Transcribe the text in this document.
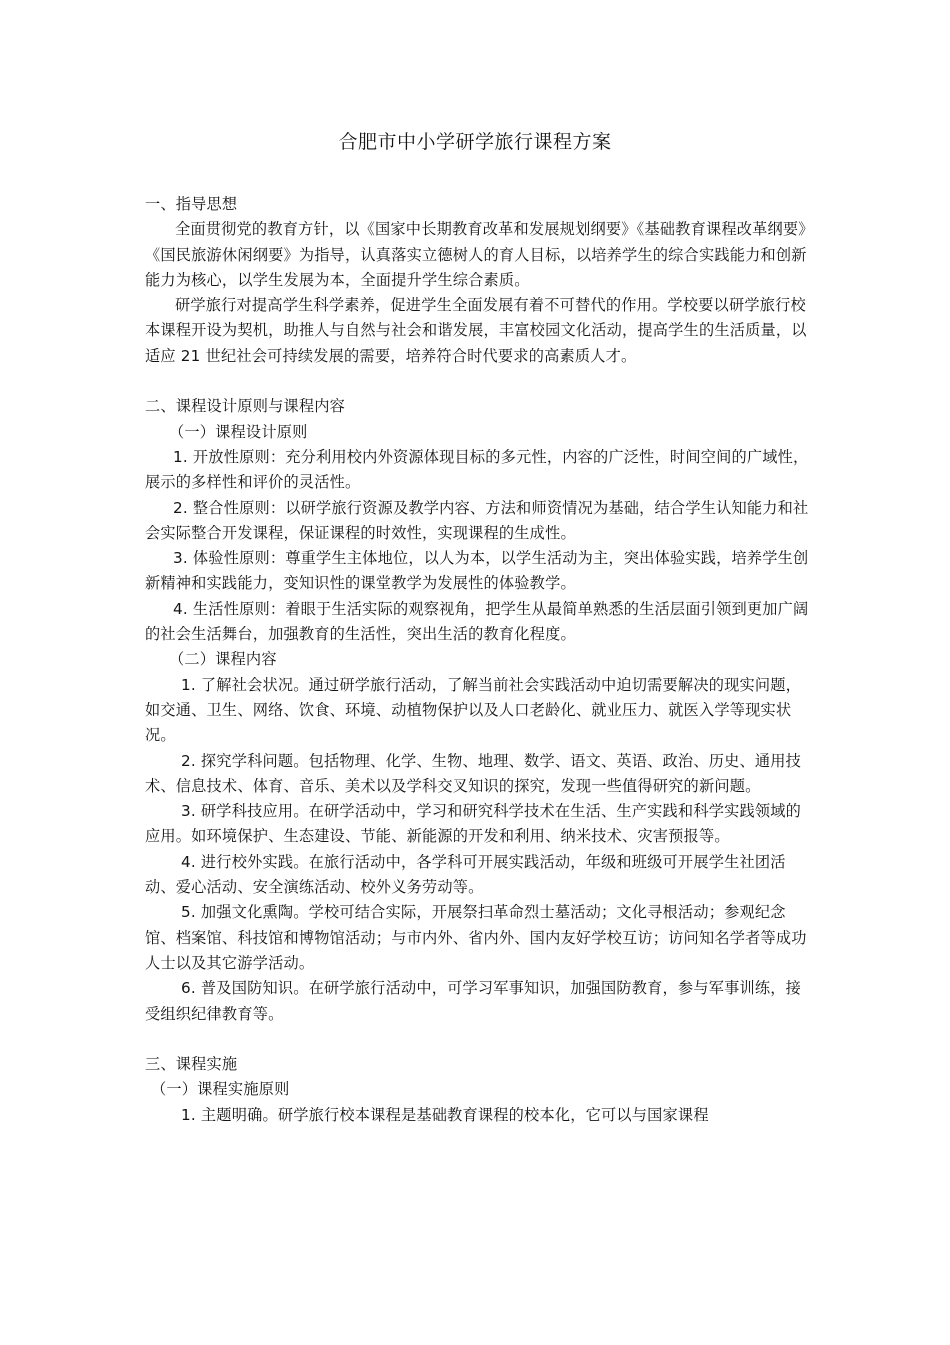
合肥市中小学研学旅行课程方案

一、指导思想

全面贯彻党的教育方针，以《国家中长期教育改革和发展规划纲要》《基础教育课程改革纲要》《国民旅游休闲纲要》为指导，认真落实立德树人的育人目标，以培养学生的综合实践能力和创新能力为核心，以学生发展为本，全面提升学生综合素质。

研学旅行对提高学生科学素养，促进学生全面发展有着不可替代的作用。学校要以研学旅行校本课程开设为契机，助推人与自然与社会和谐发展，丰富校园文化活动，提高学生的生活质量，以适应 21 世纪社会可持续发展的需要，培养符合时代要求的高素质人才。

二、课程设计原则与课程内容

（一）课程设计原则

1. 开放性原则：充分利用校内外资源体现目标的多元性，内容的广泛性，时间空间的广域性，展示的多样性和评价的灵活性。

2. 整合性原则：以研学旅行资源及教学内容、方法和师资情况为基础，结合学生认知能力和社会实际整合开发课程，保证课程的时效性，实现课程的生成性。

3. 体验性原则：尊重学生主体地位，以人为本，以学生活动为主，突出体验实践，培养学生创新精神和实践能力，变知识性的课堂教学为发展性的体验教学。

4. 生活性原则：着眼于生活实际的观察视角，把学生从最简单熟悉的生活层面引领到更加广阔的社会生活舞台，加强教育的生活性，突出生活的教育化程度。

（二）课程内容

1. 了解社会状况。通过研学旅行活动，了解当前社会实践活动中迫切需要解决的现实问题，如交通、卫生、网络、饮食、环境、动植物保护以及人口老龄化、就业压力、就医入学等现实状况。

2. 探究学科问题。包括物理、化学、生物、地理、数学、语文、英语、政治、历史、通用技术、信息技术、体育、音乐、美术以及学科交叉知识的探究，发现一些值得研究的新问题。

3. 研学科技应用。在研学活动中，学习和研究科学技术在生活、生产实践和科学实践领域的应用。如环境保护、生态建设、节能、新能源的开发和利用、纳米技术、灾害预报等。

4. 进行校外实践。在旅行活动中，各学科可开展实践活动，年级和班级可开展学生社团活动、爱心活动、安全演练活动、校外义务劳动等。

5. 加强文化熏陶。学校可结合实际，开展祭扫革命烈士墓活动；文化寻根活动；参观纪念馆、档案馆、科技馆和博物馆活动；与市内外、省内外、国内友好学校互访；访问知名学者等成功人士以及其它游学活动。

6. 普及国防知识。在研学旅行活动中，可学习军事知识，加强国防教育，参与军事训练，接受组织纪律教育等。

三、课程实施

（一）课程实施原则

1. 主题明确。研学旅行校本课程是基础教育课程的校本化，它可以与国家课程
